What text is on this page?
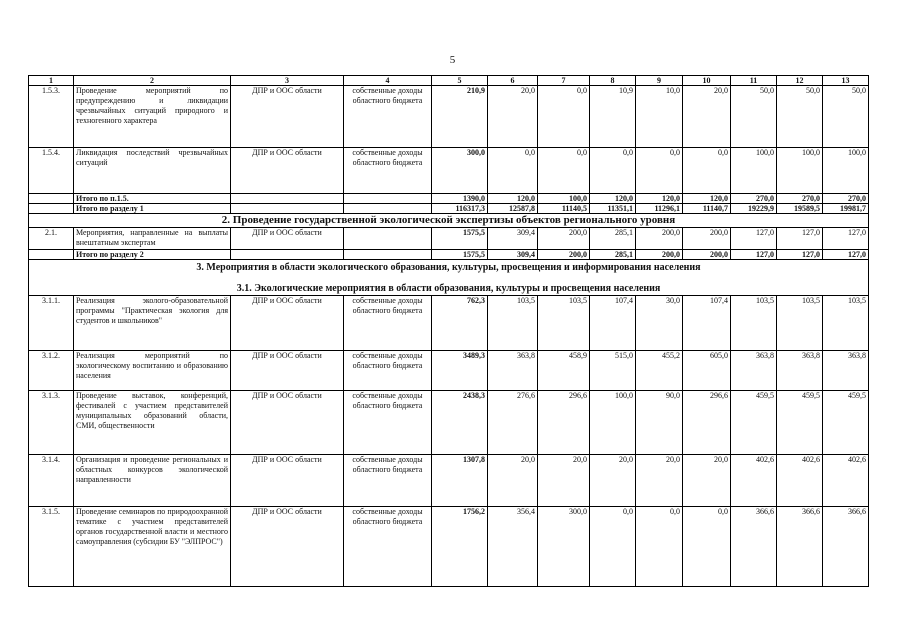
5
1	2	3	4	5	6	7	8	9	10	11	12	13
1.5.3.	Проведение мероприятий по предупреждению и ликвидации чрезвычайных ситуаций природного и техногенного характера	ДПР и ООС области	собственные доходы областного бюджета	210,9	20,0	0,0	10,9	10,0	20,0	50,0	50,0	50,0
1.5.4.	Ликвидация последствий чрезвычайных ситуаций	ДПР и ООС области	собственные доходы областного бюджета	300,0	0,0	0,0	0,0	0,0	0,0	100,0	100,0	100,0
	Итого по п.1.5.			1390,0	120,0	100,0	120,0	120,0	120,0	270,0	270,0	270,0
	Итого по разделу 1			116317,3	12587,8	11140,5	11351,1	11296,1	11140,7	19229,9	19589,5	19981,7
2. Проведение государственной экологической экспертизы объектов регионального уровня												
2.1.	Мероприятия, направленные на выплаты внештатным экспертам	ДПР и ООС области		1575,5	309,4	200,0	285,1	200,0	200,0	127,0	127,0	127,0
	Итого по разделу 2			1575,5	309,4	200,0	285,1	200,0	200,0	127,0	127,0	127,0
3. Мероприятия в области экологического образования, культуры, просвещения и информирования населения
3.1. Экологические мероприятия в области образования, культуры и просвещения населения												

3.1.1.	Реализация эколого-образовательной программы "Практическая экология для студентов и школьников"	ДПР и ООС области	собственные доходы областного бюджета	762,3	103,5	103,5	107,4	30,0	107,4	103,5	103,5	103,5
3.1.2.	Реализация мероприятий по экологическому воспитанию и образованию населения	ДПР и ООС области	собственные доходы областного бюджета	3489,3	363,8	458,9	515,0	455,2	605,0	363,8	363,8	363,8
3.1.3.	Проведение выставок, конференций, фестивалей с участием представителей муниципальных образований области, СМИ, общественности	ДПР и ООС области	собственные доходы областного бюджета	2438,3	276,6	296,6	100,0	90,0	296,6	459,5	459,5	459,5
3.1.4.	Организация и проведение региональных и областных конкурсов экологической направленности	ДПР и ООС области	собственные доходы областного бюджета	1307,8	20,0	20,0	20,0	20,0	20,0	402,6	402,6	402,6
3.1.5.	Проведение семинаров по природоохранной тематике с участием представителей органов государственной власти и местного самоуправления (субсидии БУ "ЭЛПРОС")	ДПР и ООС области	собственные доходы областного бюджета	1756,2	356,4	300,0	0,0	0,0	0,0	366,6	366,6	366,6
